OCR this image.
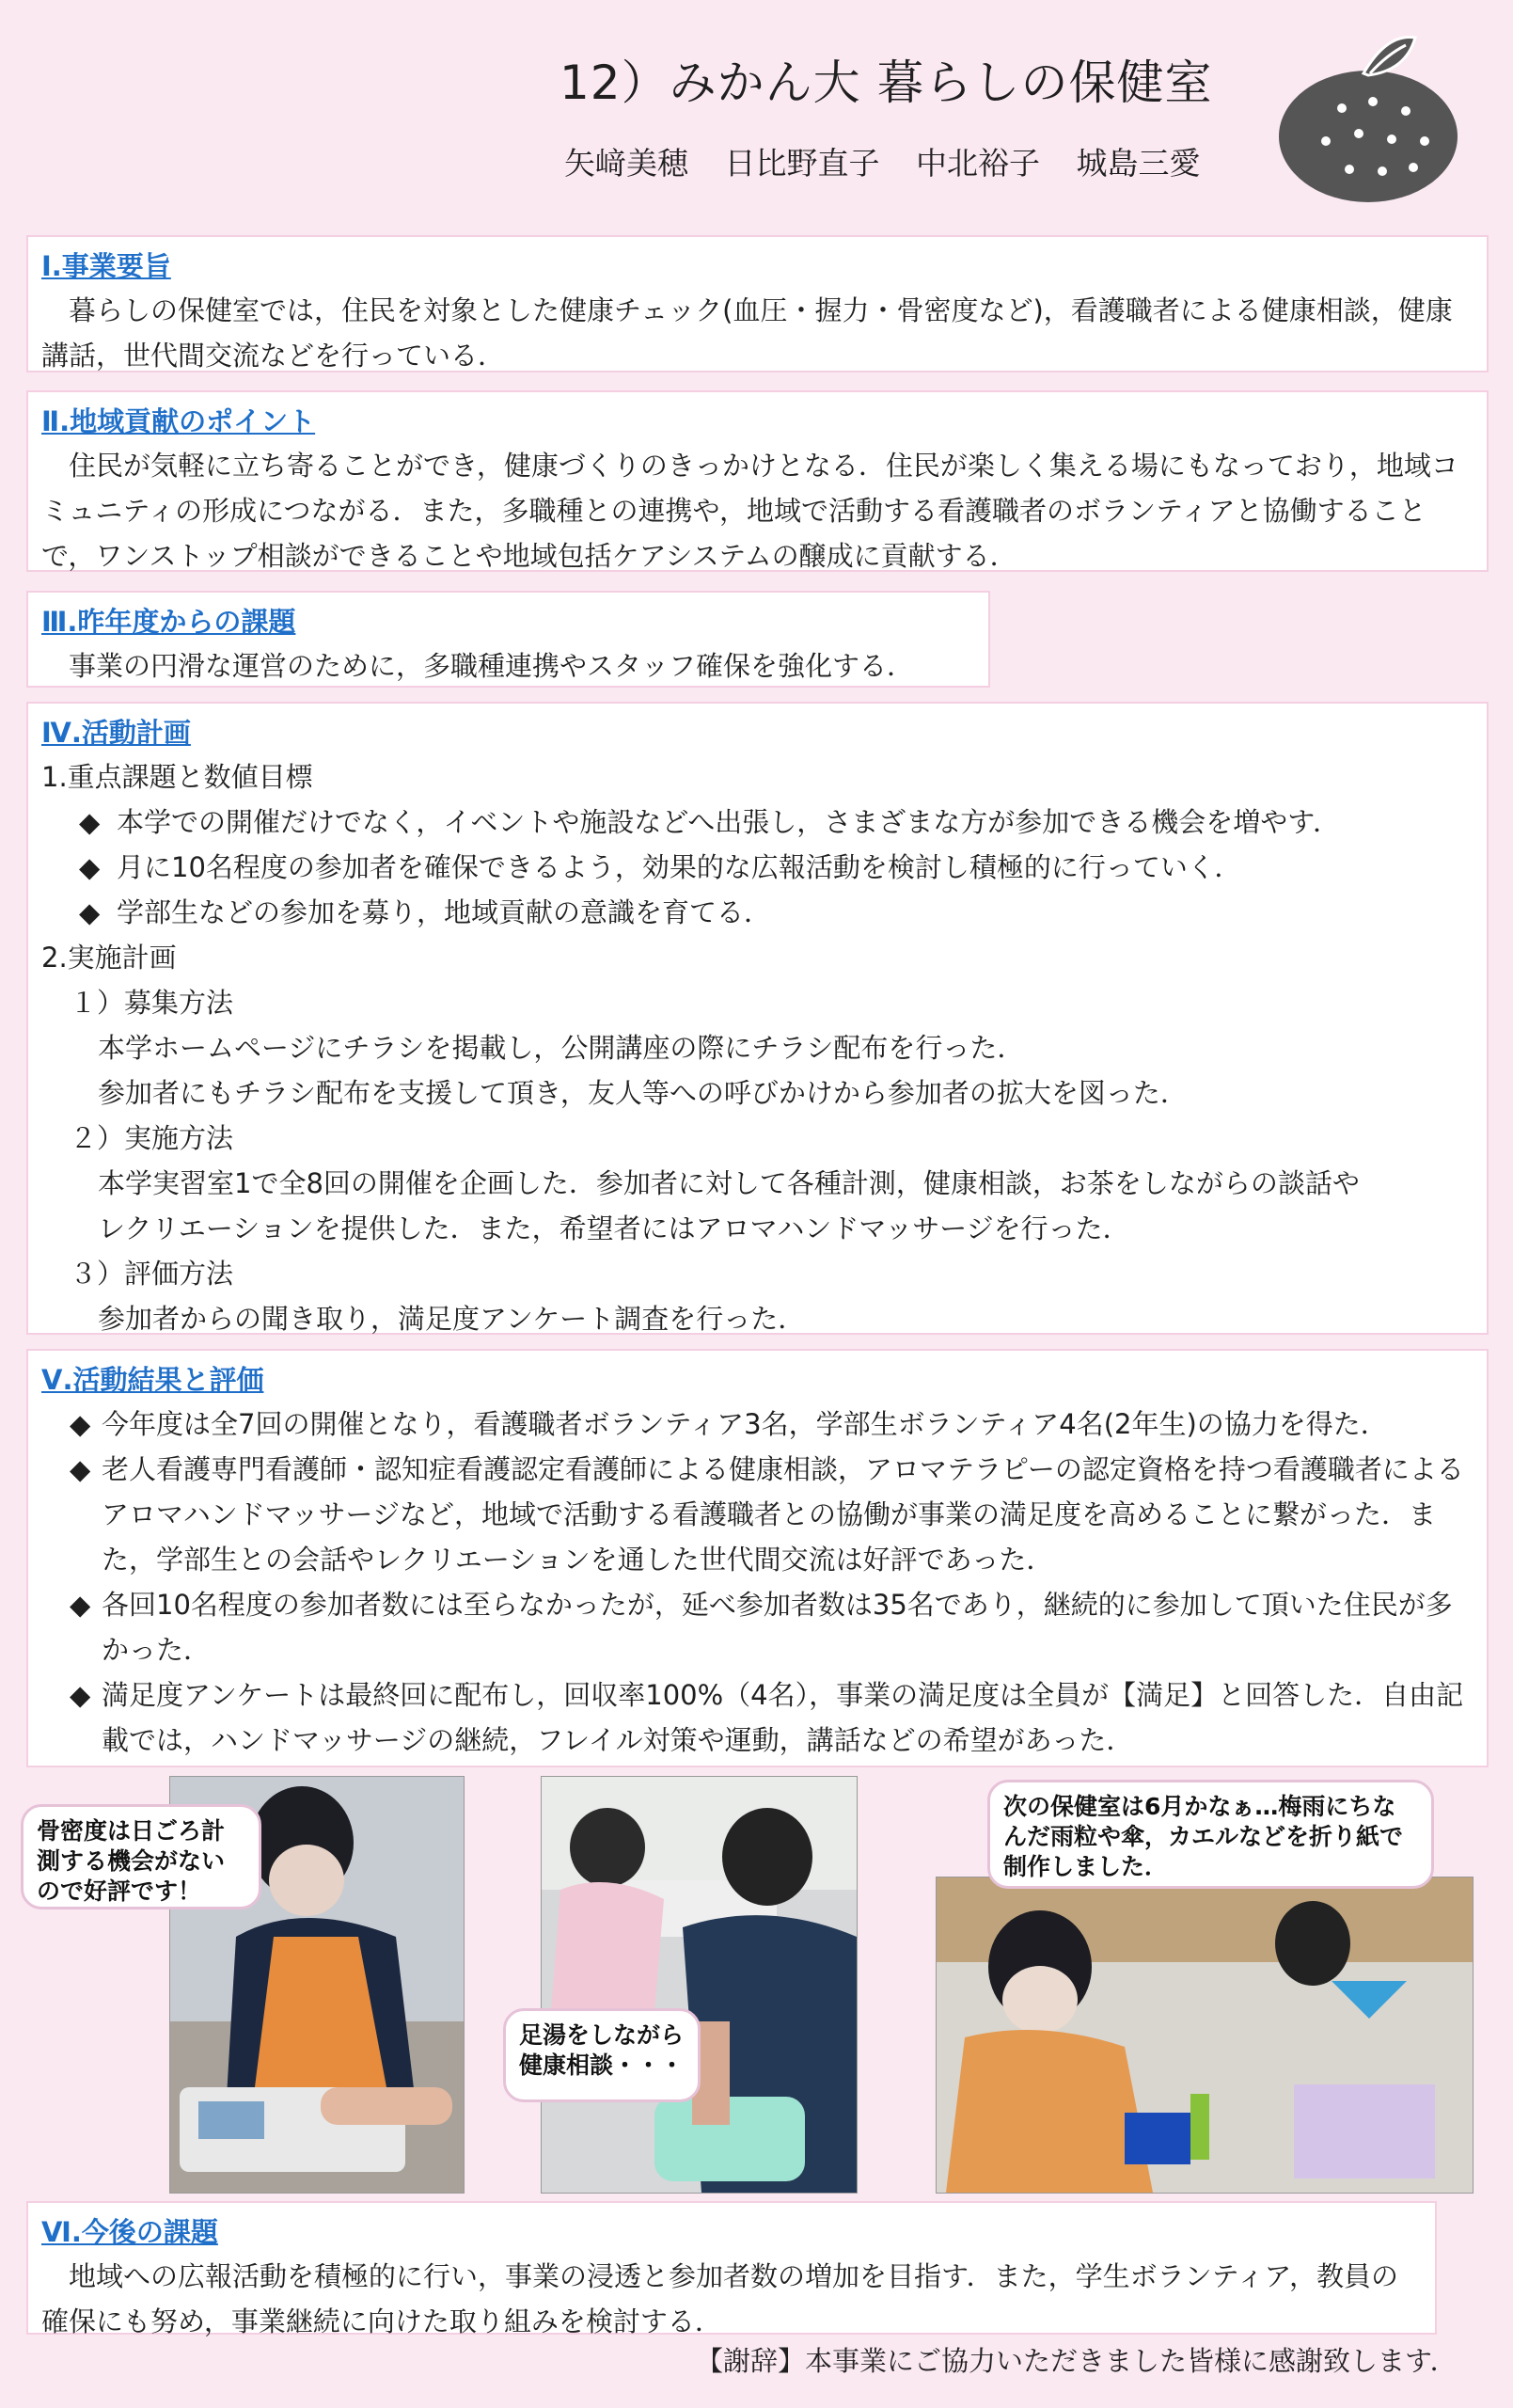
12）みかん大 暮らしの保健室
矢﨑美穂 日比野直子 中北裕子 城島三愛
Ⅰ.事業要旨

　暮らしの保健室では，住民を対象とした健康チェック(血圧・握力・骨密度など)，看護職者による健康相談，健康講話，世代間交流などを行っている．

Ⅱ.地域貢献のポイント

　住民が気軽に立ち寄ることができ，健康づくりのきっかけとなる．住民が楽しく集える場にもなっており，地域コミュニティの形成につながる．また，多職種との連携や，地域で活動する看護職者のボランティアと協働することで，ワンストップ相談ができることや地域包括ケアシステムの醸成に貢献する．

Ⅲ.昨年度からの課題

　事業の円滑な運営のために，多職種連携やスタッフ確保を強化する．

Ⅳ.活動計画
1.重点課題と数値目標
◆ 本学での開催だけでなく，イベントや施設などへ出張し，さまざまな方が参加できる機会を増やす．
◆ 月に10名程度の参加者を確保できるよう，効果的な広報活動を検討し積極的に行っていく．
◆ 学部生などの参加を募り，地域貢献の意識を育てる．
2.実施計画
１）募集方法
本学ホームページにチラシを掲載し，公開講座の際にチラシ配布を行った．
参加者にもチラシ配布を支援して頂き，友人等への呼びかけから参加者の拡大を図った．
２）実施方法
本学実習室1で全8回の開催を企画した．参加者に対して各種計測，健康相談，お茶をしながらの談話や
レクリエーションを提供した．また，希望者にはアロマハンドマッサージを行った．
３）評価方法
参加者からの聞き取り，満足度アンケート調査を行った．
Ⅴ.活動結果と評価
◆ 今年度は全7回の開催となり，看護職者ボランティア3名，学部生ボランティア4名(2年生)の協力を得た．
◆ 老人看護専門看護師・認知症看護認定看護師による健康相談，アロマテラピーの認定資格を持つ看護職者によるアロマハンドマッサージなど，地域で活動する看護職者との協働が事業の満足度を高めることに繋がった．また，学部生との会話やレクリエーションを通した世代間交流は好評であった．
◆ 各回10名程度の参加者数には至らなかったが，延べ参加者数は35名であり，継続的に参加して頂いた住民が多かった．
◆ 満足度アンケートは最終回に配布し，回収率100%（4名），事業の満足度は全員が【満足】と回答した．自由記載では，ハンドマッサージの継続，フレイル対策や運動，講話などの希望があった．
骨密度は日ごろ計測する機会がないので好評です！
足湯をしながら健康相談・・・
次の保健室は6月かなぁ…梅雨にちなんだ雨粒や傘，カエルなどを折り紙で制作しました．
Ⅵ.今後の課題

　地域への広報活動を積極的に行い，事業の浸透と参加者数の増加を目指す．また，学生ボランティア，教員の確保にも努め，事業継続に向けた取り組みを検討する．

【謝辞】本事業にご協力いただきました皆様に感謝致します．
